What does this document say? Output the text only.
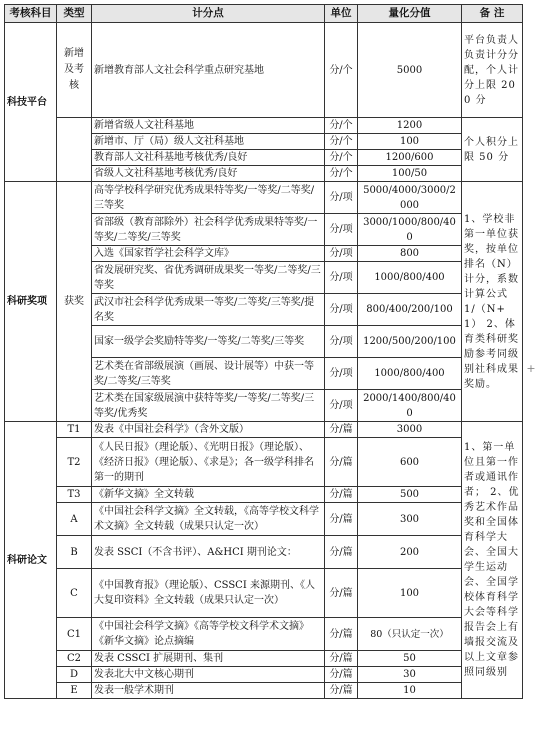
考核科目	类型	计分点	单位	量化分值	备 注
科技平台	新增及考核	新增教育部人文社会科学重点研究基地	分/个	5000	平台负责人负责计分分配，个人计分上限 200 分
		新增省级人文社科基地	分/个	1200	个人积分上限 50 分
		新增市、厅（局）级人文社科基地	分/个	100	
		教育部人文社科基地考核优秀/良好	分/个	1200/600	
		省级人文社科基地考核优秀/良好	分/个	100/50	
科研奖项	获奖	高等学校科学研究优秀成果特等奖/一等奖/二等奖/三等奖	分/项	5000/4000/3000/2000	1、学校非第一单位获奖，按单位排名（N）计分，系数计算公式 1/（N+1） 2、体育类科研奖励参考同级别社科成果奖励。
		省部级（教育部除外）社会科学优秀成果特等奖/一等奖/二等奖/三等奖	分/项	3000/1000/800/400	
		入选《国家哲学社会科学文库》	分/项	800	
		省发展研究奖、省优秀调研成果奖一等奖/二等奖/三等奖	分/项	1000/800/400	
		武汉市社会科学优秀成果一等奖/二等奖/三等奖/提名奖	分/项	800/400/200/100	
		国家一级学会奖励特等奖/一等奖/二等奖/三等奖	分/项	1200/500/200/100	
		艺术类在省部级展演（画展、设计展等）中获一等奖/二等奖/三等奖	分/项	1000/800/400	
		艺术类在国家级展演中获特等奖/一等奖/二等奖/三等奖/优秀奖	分/项	2000/1400/800/400	
科研论文	T1	发表《中国社会科学》（含外文版）	分/篇	3000	1、第一单位且第一作者或通讯作者； 2、优秀艺术作品奖和全国体育科学大会、全国大学生运动会、全国学校体育科学大会等科学报告会上有墙报交流及以上文章参照同级别
	T2	《人民日报》（理论版）、《光明日报》（理论版）、《经济日报》（理论版）、《求是》；各一级学科排名第一的期刊	分/篇	600	
	T3	《新华文摘》全文转载	分/篇	500	
	A	《中国社会科学文摘》全文转载，《高等学校文科学术文摘》全文转载（成果只认定一次）	分/篇	300	
	B	发表 SSCI（不含书评）、A&HCI 期刊论文：	分/篇	200	
	C	《中国教育报》（理论版）、CSSCI 来源期刊、《人大复印资料》全文转载（成果只认定一次）	分/篇	100	
	C1	《中国社会科学文摘》《高等学校文科学术文摘》《新华文摘》论点摘编	分/篇	80（只认定一次）	
	C2	发表 CSSCI 扩展期刊、集刊	分/篇	50	
	D	发表北大中文核心期刊	分/篇	30	
	E	发表一般学术期刊	分/篇	10	
+
